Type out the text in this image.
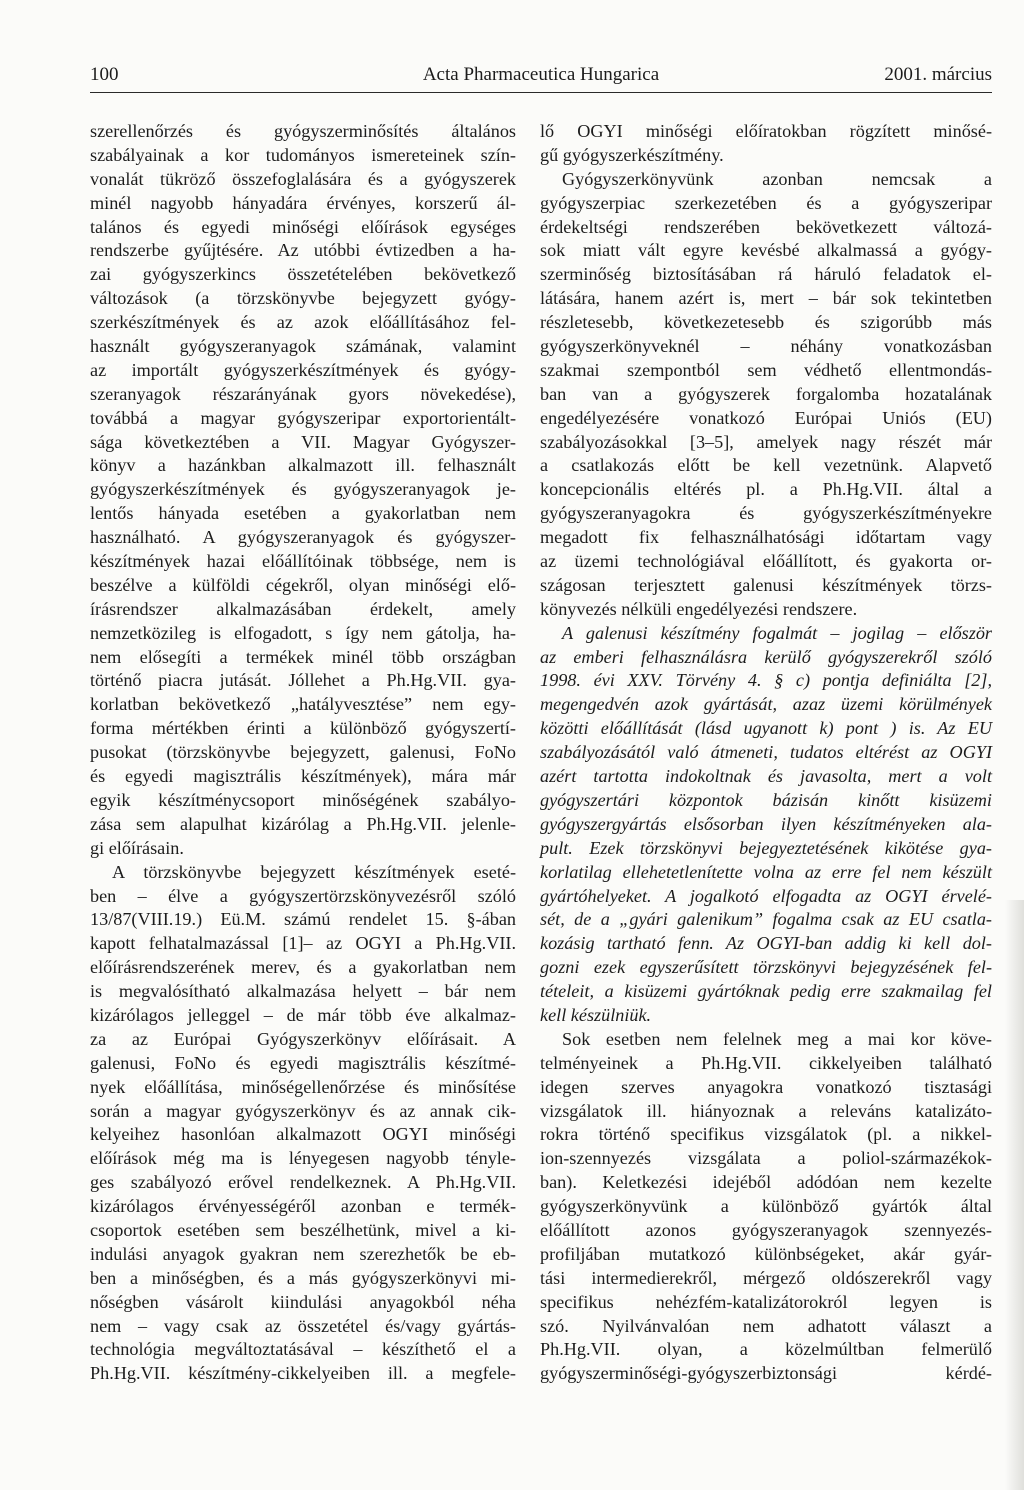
100	Acta Pharmaceutica Hungarica	2001. március
szerellenőrzés és gyógyszerminősítés általános
szabályainak a kor tudományos ismereteinek szín-
vonalát tükröző összefoglalására és a gyógyszerek
minél nagyobb hányadára érvényes, korszerű ál-
talános és egyedi minőségi előírások egységes
rendszerbe gyűjtésére. Az utóbbi évtizedben a ha-
zai gyógyszerkincs összetételében bekövetkező
változások (a törzskönyvbe bejegyzett gyógy-
szerkészítmények és az azok előállításához fel-
használt gyógyszeranyagok számának, valamint
az importált gyógyszerkészítmények és gyógy-
szeranyagok részarányának gyors növekedése),
továbbá a magyar gyógyszeripar exportorientált-
sága következtében a VII. Magyar Gyógyszer-
könyv a hazánkban alkalmazott ill. felhasznált
gyógyszerkészítmények és gyógyszeranyagok je-
lentős hányada esetében a gyakorlatban nem
használható. A gyógyszeranyagok és gyógyszer-
készítmények hazai előállítóinak többsége, nem is
beszélve a külföldi cégekről, olyan minőségi elő-
írásrendszer alkalmazásában érdekelt, amely
nemzetközileg is elfogadott, s így nem gátolja, ha-
nem elősegíti a termékek minél több országban
történő piacra jutását. Jóllehet a Ph.Hg.VII. gya-
korlatban bekövetkező „hatályvesztése” nem egy-
forma mértékben érinti a különböző gyógyszertí-
pusokat (törzskönyvbe bejegyzett, galenusi, FoNo
és egyedi magisztrális készítmények), mára már
egyik készítménycsoport minőségének szabályo-
zása sem alapulhat kizárólag a Ph.Hg.VII. jelenle-
gi előírásain.
A törzskönyvbe bejegyzett készítmények eseté-
ben – élve a gyógyszertörzskönyvezésről szóló
13/87(VIII.19.) Eü.M. számú rendelet 15. §-ában
kapott felhatalmazással [1]– az OGYI a Ph.Hg.VII.
előírásrendszerének merev, és a gyakorlatban nem
is megvalósítható alkalmazása helyett – bár nem
kizárólagos jelleggel – de már több éve alkalmaz-
za az Európai Gyógyszerkönyv előírásait. A
galenusi, FoNo és egyedi magisztrális készítmé-
nyek előállítása, minőségellenőrzése és minősítése
során a magyar gyógyszerkönyv és az annak cik-
kelyeihez hasonlóan alkalmazott OGYI minőségi
előírások még ma is lényegesen nagyobb tényle-
ges szabályozó erővel rendelkeznek. A Ph.Hg.VII.
kizárólagos érvényességéről azonban e termék-
csoportok esetében sem beszélhetünk, mivel a ki-
indulási anyagok gyakran nem szerezhetők be eb-
ben a minőségben, és a más gyógyszerkönyvi mi-
nőségben vásárolt kiindulási anyagokból néha
nem – vagy csak az összetétel és/vagy gyártás-
technológia megváltoztatásával – készíthető el a
Ph.Hg.VII. készítmény-cikkelyeiben ill. a megfele-
lő OGYI minőségi előíratokban rögzített minősé-
gű gyógyszerkészítmény.
Gyógyszerkönyvünk azonban nemcsak a
gyógyszerpiac szerkezetében és a gyógyszeripar
érdekeltségi rendszerében bekövetkezett változá-
sok miatt vált egyre kevésbé alkalmassá a gyógy-
szerminőség biztosításában rá háruló feladatok el-
látására, hanem azért is, mert – bár sok tekintetben
részletesebb, következetesebb és szigorúbb más
gyógyszerkönyveknél – néhány vonatkozásban
szakmai szempontból sem védhető ellentmondás-
ban van a gyógyszerek forgalomba hozatalának
engedélyezésére vonatkozó Európai Uniós (EU)
szabályozásokkal [3–5], amelyek nagy részét már
a csatlakozás előtt be kell vezetnünk. Alapvető
koncepcionális eltérés pl. a Ph.Hg.VII. által a
gyógyszeranyagokra és gyógyszerkészítményekre
megadott fix felhasználhatósági időtartam vagy
az üzemi technológiával előállított, és gyakorta or-
szágosan terjesztett galenusi készítmények törzs-
könyvezés nélküli engedélyezési rendszere.
A galenusi készítmény fogalmát – jogilag – először
az emberi felhasználásra kerülő gyógyszerekről szóló
1998. évi XXV. Törvény 4. § c) pontja definiálta [2],
megengedvén azok gyártását, azaz üzemi körülmények
közötti előállítását (lásd ugyanott k) pont ) is. Az EU
szabályozásától való átmeneti, tudatos eltérést az OGYI
azért tartotta indokoltnak és javasolta, mert a volt
gyógyszertári központok bázisán kinőtt kisüzemi
gyógyszergyártás elsősorban ilyen készítményeken ala-
pult. Ezek törzskönyvi bejegyeztetésének kikötése gya-
korlatilag ellehetetlenítette volna az erre fel nem készült
gyártóhelyeket. A jogalkotó elfogadta az OGYI érvelé-
sét, de a „gyári galenikum” fogalma csak az EU csatla-
kozásig tartható fenn. Az OGYI-ban addig ki kell dol-
gozni ezek egyszerűsített törzskönyvi bejegyzésének fel-
tételeit, a kisüzemi gyártóknak pedig erre szakmailag fel
kell készülniük.
Sok esetben nem felelnek meg a mai kor köve-
telményeinek a Ph.Hg.VII. cikkelyeiben található
idegen szerves anyagokra vonatkozó tisztasági
vizsgálatok ill. hiányoznak a releváns katalizáto-
rokra történő specifikus vizsgálatok (pl. a nikkel-
ion-szennyezés vizsgálata a poliol-származékok-
ban). Keletkezési idejéből adódóan nem kezelte
gyógyszerkönyvünk a különböző gyártók által
előállított azonos gyógyszeranyagok szennyezés-
profiljában mutatkozó különbségeket, akár gyár-
tási intermedierekről, mérgező oldószerekről vagy
specifikus nehézfém-katalizátorokról legyen is
szó. Nyilvánvalóan nem adhatott választ a
Ph.Hg.VII. olyan, a közelmúltban felmerülő
gyógyszerminőségi-gyógyszerbiztonsági kérdé-
